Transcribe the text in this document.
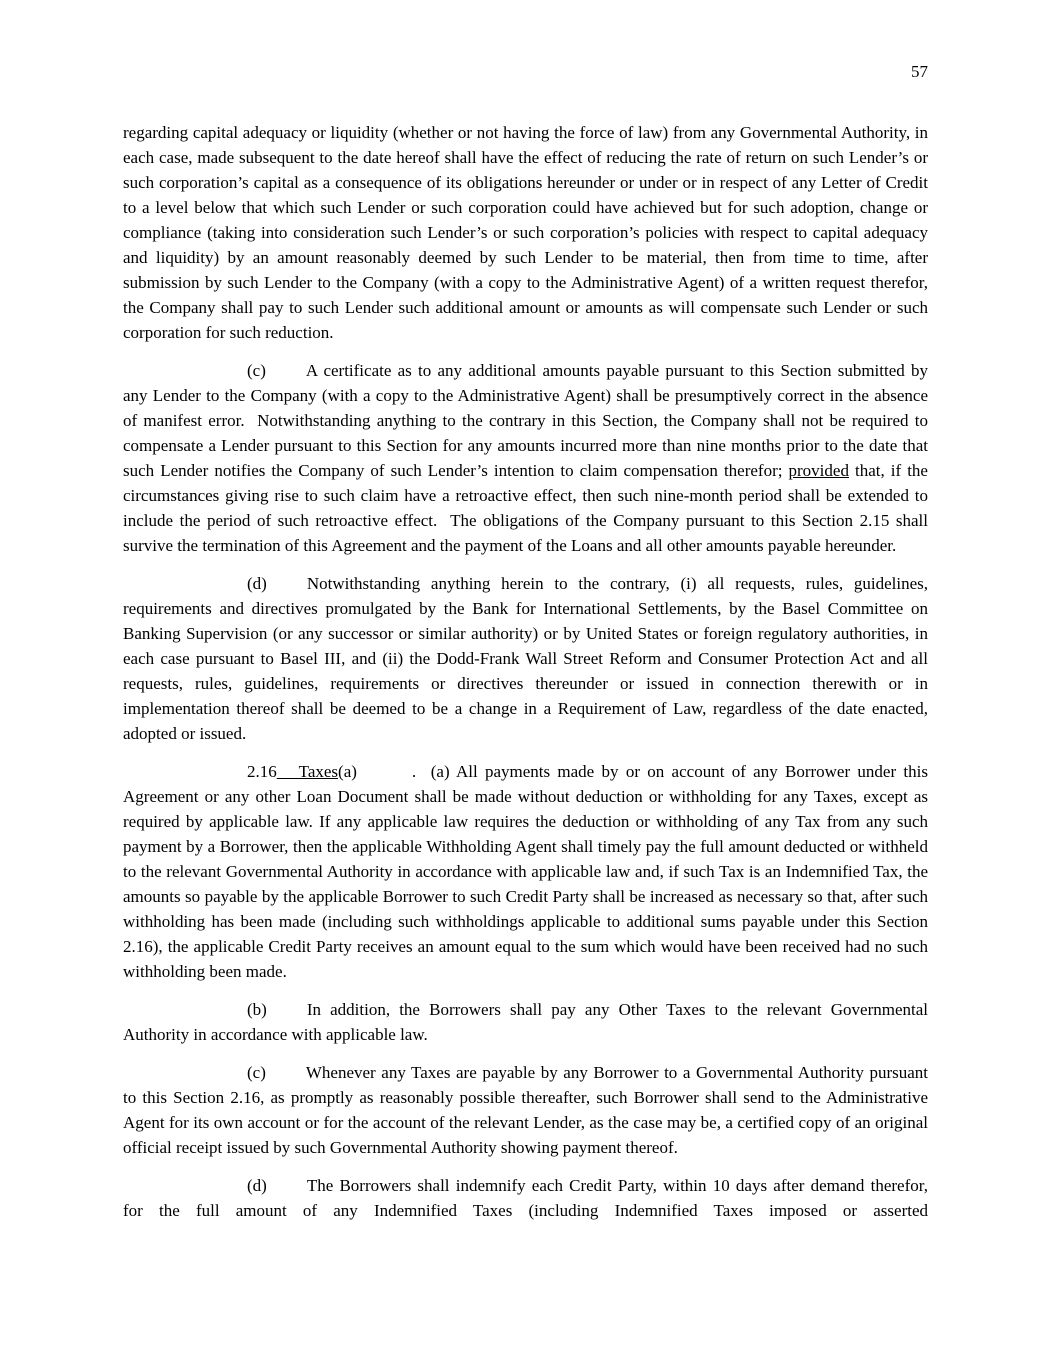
57

regarding capital adequacy or liquidity (whether or not having the force of law) from any Governmental Authority, in each case, made subsequent to the date hereof shall have the effect of reducing the rate of return on such Lender’s or such corporation’s capital as a consequence of its obligations hereunder or under or in respect of any Letter of Credit to a level below that which such Lender or such corporation could have achieved but for such adoption, change or compliance (taking into consideration such Lender’s or such corporation’s policies with respect to capital adequacy and liquidity) by an amount reasonably deemed by such Lender to be material, then from time to time, after submission by such Lender to the Company (with a copy to the Administrative Agent) of a written request therefor, the Company shall pay to such Lender such additional amount or amounts as will compensate such Lender or such corporation for such reduction.

(c) A certificate as to any additional amounts payable pursuant to this Section submitted by any Lender to the Company (with a copy to the Administrative Agent) shall be presumptively correct in the absence of manifest error.  Notwithstanding anything to the contrary in this Section, the Company shall not be required to compensate a Lender pursuant to this Section for any amounts incurred more than nine months prior to the date that such Lender notifies the Company of such Lender’s intention to claim compensation therefor; provided that, if the circumstances giving rise to such claim have a retroactive effect, then such nine-month period shall be extended to include the period of such retroactive effect.  The obligations of the Company pursuant to this Section 2.15 shall survive the termination of this Agreement and the payment of the Loans and all other amounts payable hereunder.

(d) Notwithstanding anything herein to the contrary, (i) all requests, rules, guidelines, requirements and directives promulgated by the Bank for International Settlements, by the Basel Committee on Banking Supervision (or any successor or similar authority) or by United States or foreign regulatory authorities, in each case pursuant to Basel III, and (ii) the Dodd-Frank Wall Street Reform and Consumer Protection Act and all requests, rules, guidelines, requirements or directives thereunder or issued in connection therewith or in implementation thereof shall be deemed to be a change in a Requirement of Law, regardless of the date enacted, adopted or issued.

2.16   Taxes(a)	.  (a) All payments made by or on account of any Borrower under this Agreement or any other Loan Document shall be made without deduction or withholding for any Taxes, except as required by applicable law. If any applicable law requires the deduction or withholding of any Tax from any such payment by a Borrower, then the applicable Withholding Agent shall timely pay the full amount deducted or withheld to the relevant Governmental Authority in accordance with applicable law and, if such Tax is an Indemnified Tax, the amounts so payable by the applicable Borrower to such Credit Party shall be increased as necessary so that, after such withholding has been made (including such withholdings applicable to additional sums payable under this Section 2.16), the applicable Credit Party receives an amount equal to the sum which would have been received had no such withholding been made.

(b) In addition, the Borrowers shall pay any Other Taxes to the relevant Governmental Authority in accordance with applicable law.

(c) Whenever any Taxes are payable by any Borrower to a Governmental Authority pursuant to this Section 2.16, as promptly as reasonably possible thereafter, such Borrower shall send to the Administrative Agent for its own account or for the account of the relevant Lender, as the case may be, a certified copy of an original official receipt issued by such Governmental Authority showing payment thereof.

(d) The Borrowers shall indemnify each Credit Party, within 10 days after demand therefor, for the full amount of any Indemnified Taxes (including Indemnified Taxes imposed or asserted
